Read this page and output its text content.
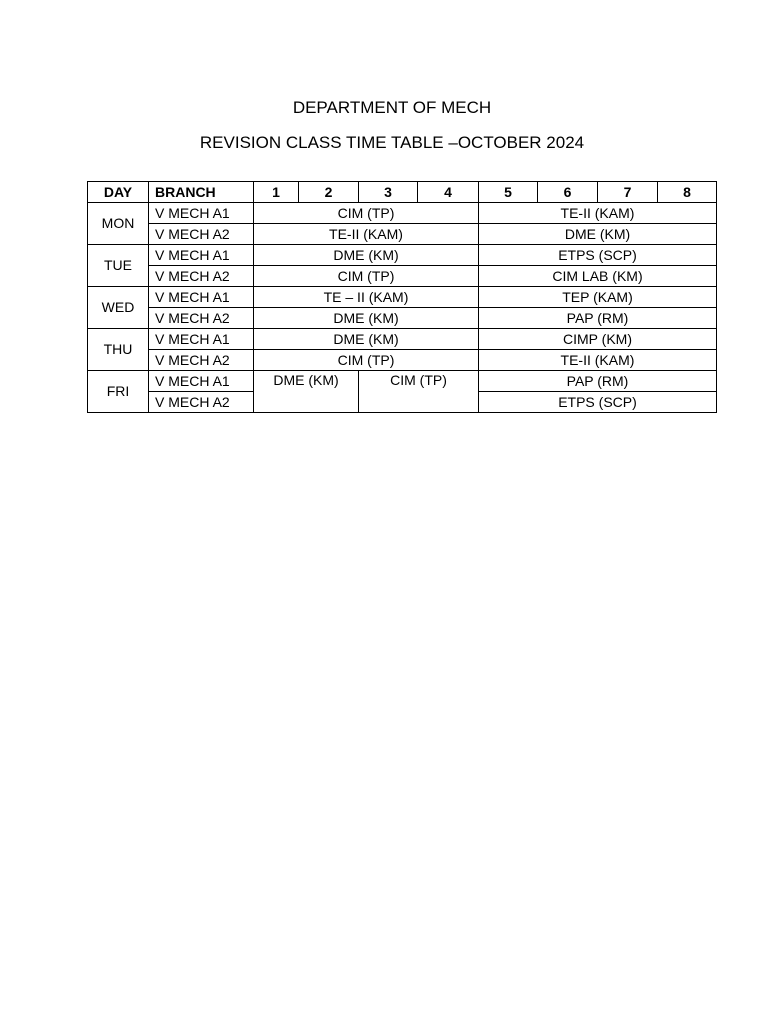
DEPARTMENT OF MECH
REVISION CLASS TIME TABLE –OCTOBER 2024
DAY	BRANCH	1	2	3	4	5	6	7	8
MON	V MECH A1	CIM (TP)				TE-II (KAM)			
	V MECH A2	TE-II (KAM)				DME (KM)			
TUE	V MECH A1	DME (KM)				ETPS (SCP)			
	V MECH A2	CIM (TP)				CIM LAB (KM)			
WED	V MECH A1	TE – II (KAM)				TEP (KAM)			
	V MECH A2	DME (KM)				PAP (RM)			
THU	V MECH A1	DME (KM)				CIMP (KM)			
	V MECH A2	CIM (TP)				TE-II (KAM)			
FRI	V MECH A1	DME (KM)		CIM (TP)		PAP (RM)			
	V MECH A2					ETPS (SCP)			
